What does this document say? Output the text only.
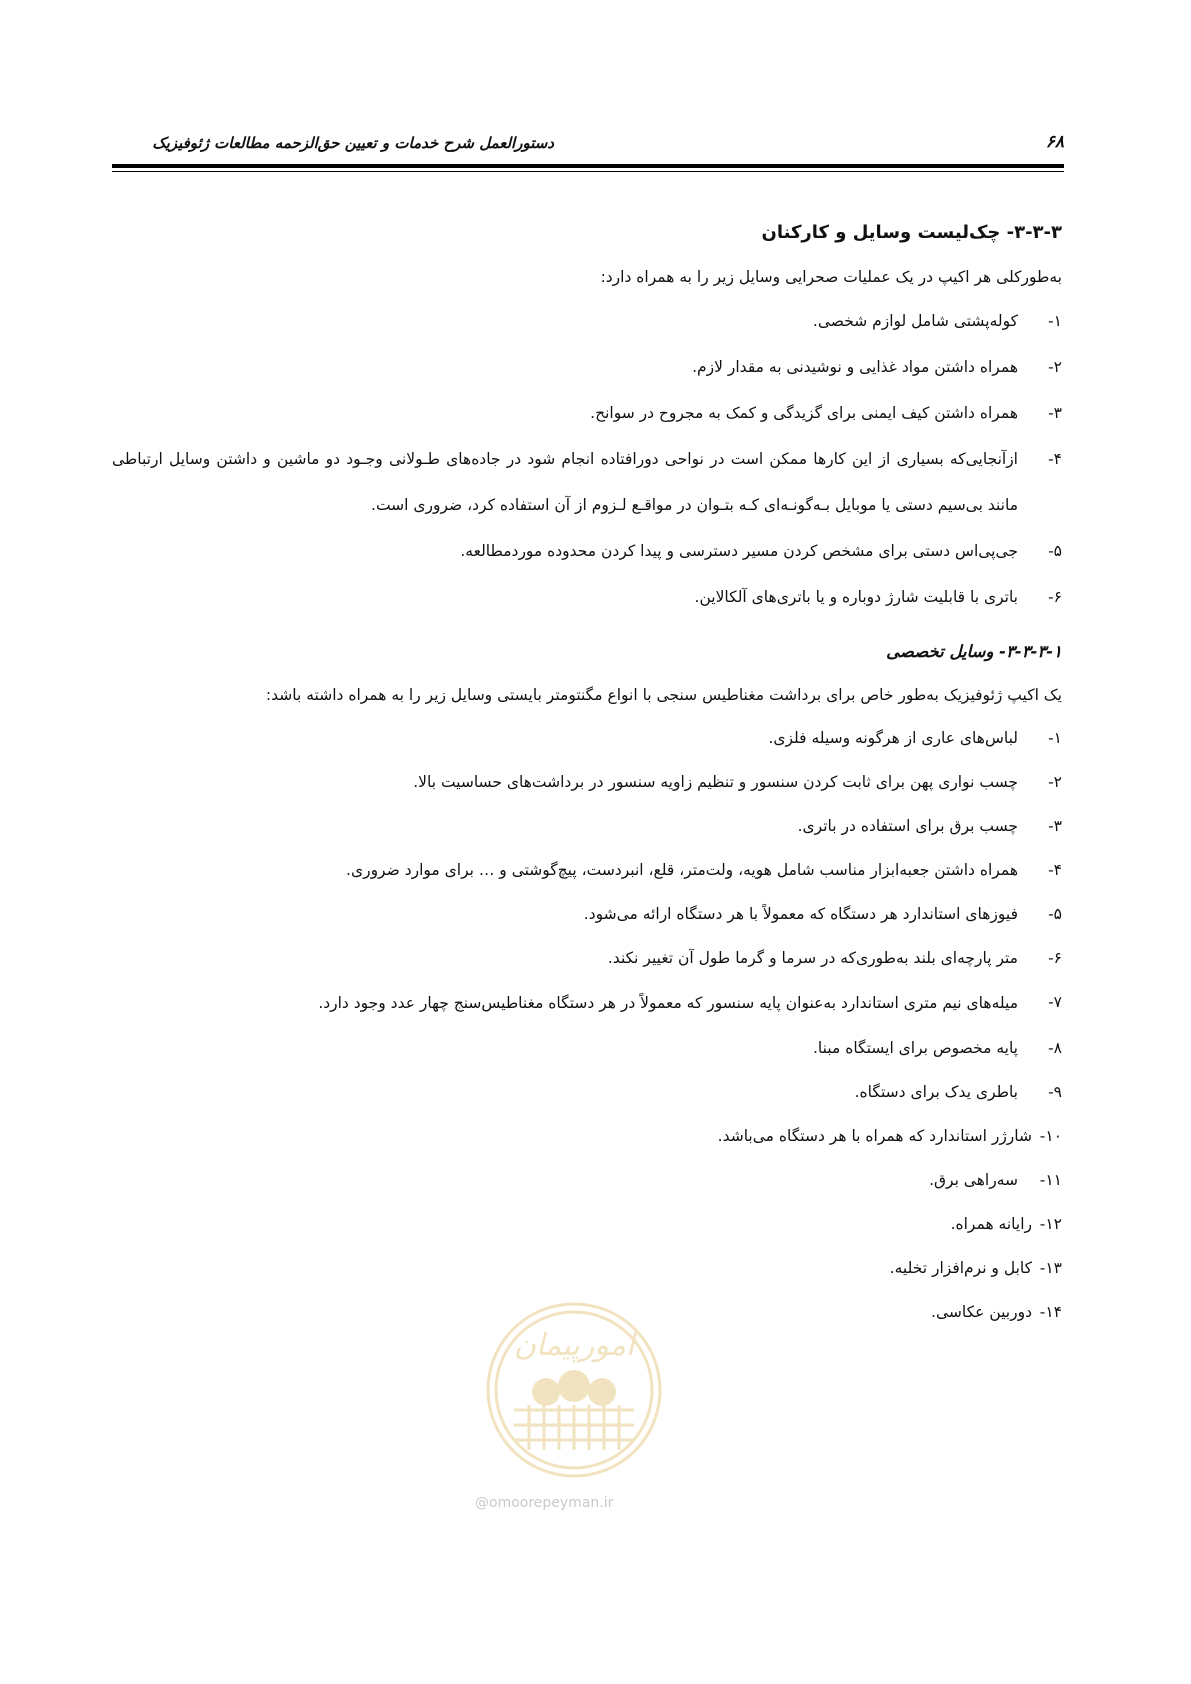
دستورالعمل شرح خدمات و تعیین حق‌الزحمه مطالعات ژئوفیزیک	۶۸
۳-۳-۳- چک‌لیست وسایل و کارکنان

به‌طورکلی هر اکیپ در یک عملیات صحرایی وسایل زیر را به همراه دارد:

۱-
کوله‌پشتی شامل لوازم شخصی.
۲-
همراه داشتن مواد غذایی و نوشیدنی به مقدار لازم.
۳-
همراه داشتن کیف ایمنی برای گزیدگی و کمک به مجروح در سوانح.
۴-
ازآنجایی‌که بسیاری از این کارها ممکن است در نواحی دورافتاده انجام شود در جاده‌های طـولانی وجـود دو ماشین و داشتن وسایل ارتباطی مانند بی‌سیم دستی یا موبایل بـه‌گونـه‌ای کـه بتـوان در مواقـع لـزوم از آن استفاده کرد، ضروری است.
۵-
جی‌پی‌اس دستی برای مشخص کردن مسیر دسترسی و پیدا کردن محدوده موردمطالعه.
۶-
باتری با قابلیت شارژ دوباره و یا باتری‌های آلکالاین.
۳-۳-۳-۱- وسایل تخصصی

یک اکیپ ژئوفیزیک به‌طور خاص برای برداشت مغناطیس سنجی با انواع مگنتومتر بایستی وسایل زیر را به همراه داشته باشد:

۱-
لباس‌های عاری از هرگونه وسیله فلزی.
۲-
چسب نواری پهن برای ثابت کردن سنسور و تنظیم زاویه سنسور در برداشت‌های حساسیت بالا.
۳-
چسب برق برای استفاده در باتری.
۴-
همراه داشتن جعبه‌ابزار مناسب شامل هویه، ولت‌متر، قلع، انبردست، پیچ‌گوشتی و … برای موارد ضروری.
۵-
فیوزهای استاندارد هر دستگاه که معمولاً با هر دستگاه ارائه می‌شود.
۶-
متر پارچه‌ای بلند به‌طوری‌که در سرما و گرما طول آن تغییر نکند.
۷-
میله‌های نیم متری استاندارد به‌عنوان پایه سنسور که معمولاً در هر دستگاه مغناطیس‌سنج چهار عدد وجود دارد.
۸-
پایه مخصوص برای ایستگاه مبنا.
۹-
باطری یدک برای دستگاه.
۱۰-
شارژر استاندارد که همراه با هر دستگاه می‌باشد.
۱۱-
سه‌راهی برق.
۱۲-
رایانه همراه.
۱۳-
کابل و نرم‌افزار تخلیه.
۱۴-
دوربین عکاسی.
امورپیمان
@omoorepeyman.ir
